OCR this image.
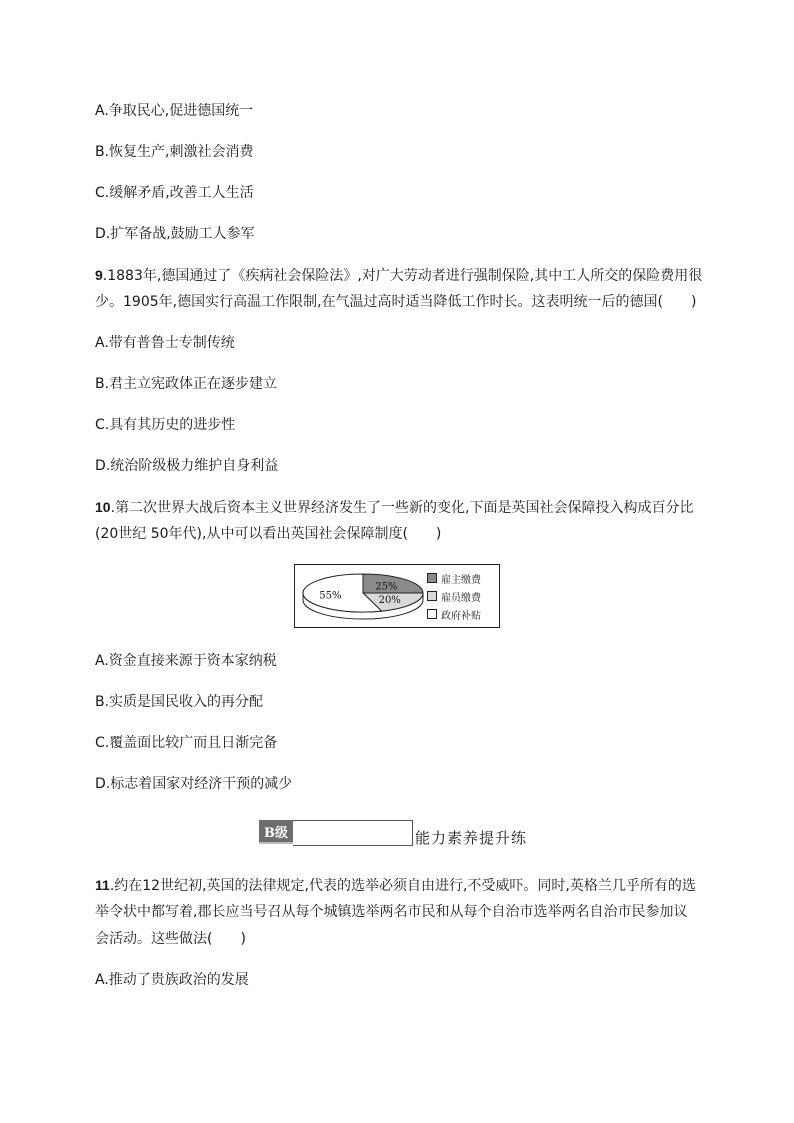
A.争取民心,促进德国统一
B.恢复生产,刺激社会消费
C.缓解矛盾,改善工人生活
D.扩军备战,鼓励工人参军
9.1883年,德国通过了《疾病社会保险法》,对广大劳动者进行强制保险,其中工人所交的保险费用很
少。1905年,德国实行高温工作限制,在气温过高时适当降低工作时长。这表明统一后的德国( )
A.带有普鲁士专制传统
B.君主立宪政体正在逐步建立
C.具有其历史的进步性
D.统治阶级极力维护自身利益
10.第二次世界大战后资本主义世界经济发生了一些新的变化,下面是英国社会保障投入构成百分比
(20世纪 50年代),从中可以看出英国社会保障制度( )
25%
20%
55%
雇主缴费
雇员缴费
政府补贴
A.资金直接来源于资本家纳税
B.实质是国民收入的再分配
C.覆盖面比较广而且日渐完备
D.标志着国家对经济干预的减少
B级	能力素养提升练
11.约在12世纪初,英国的法律规定,代表的选举必须自由进行,不受威吓。同时,英格兰几乎所有的选
举令状中都写着,郡长应当号召从每个城镇选举两名市民和从每个自治市选举两名自治市民参加议
会活动。这些做法( )
A.推动了贵族政治的发展
